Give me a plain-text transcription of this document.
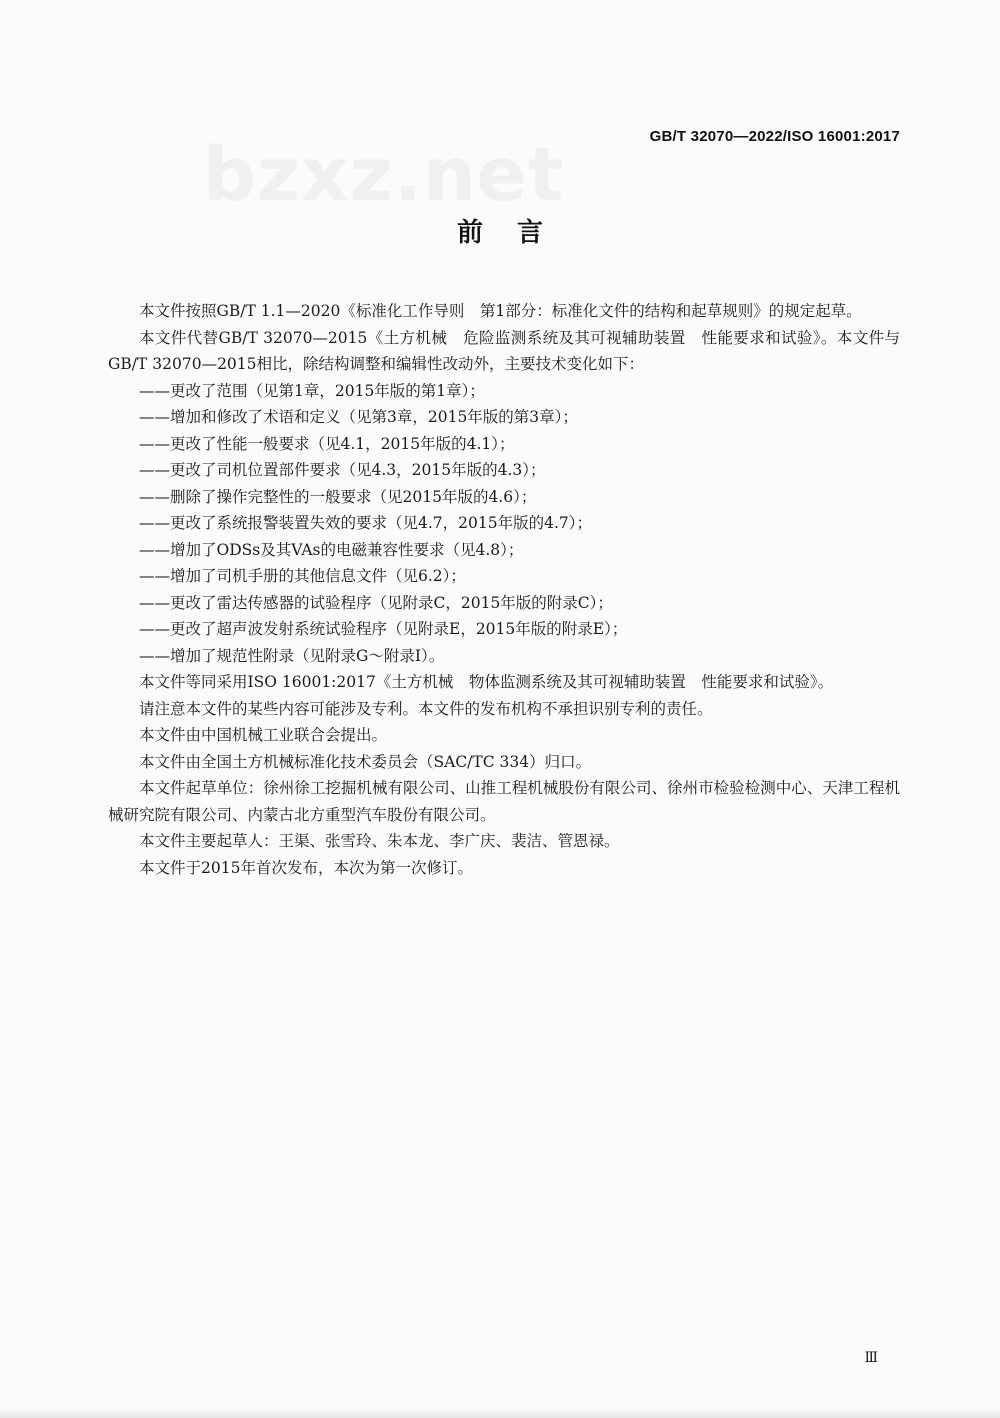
bzxz.net	GB/T 32070—2022/ISO 16001:2017
前言

本文件按照GB/T 1.1—2020《标准化工作导则　第1部分：标准化文件的结构和起草规则》的规定起草。

本文件代替GB/T 32070—2015《土方机械　危险监测系统及其可视辅助装置　性能要求和试验》。本文件与GB/T 32070—2015相比，除结构调整和编辑性改动外，主要技术变化如下：

——更改了范围（见第1章，2015年版的第1章）；

——增加和修改了术语和定义（见第3章，2015年版的第3章）；

——更改了性能一般要求（见4.1，2015年版的4.1）；

——更改了司机位置部件要求（见4.3，2015年版的4.3）；

——删除了操作完整性的一般要求（见2015年版的4.6）；

——更改了系统报警装置失效的要求（见4.7，2015年版的4.7）；

——增加了ODSs及其VAs的电磁兼容性要求（见4.8）；

——增加了司机手册的其他信息文件（见6.2）；

——更改了雷达传感器的试验程序（见附录C，2015年版的附录C）；

——更改了超声波发射系统试验程序（见附录E，2015年版的附录E）；

——增加了规范性附录（见附录G～附录I）。

本文件等同采用ISO 16001:2017《土方机械　物体监测系统及其可视辅助装置　性能要求和试验》。

请注意本文件的某些内容可能涉及专利。本文件的发布机构不承担识别专利的责任。

本文件由中国机械工业联合会提出。

本文件由全国土方机械标准化技术委员会（SAC/TC 334）归口。

本文件起草单位：徐州徐工挖掘机械有限公司、山推工程机械股份有限公司、徐州市检验检测中心、天津工程机械研究院有限公司、内蒙古北方重型汽车股份有限公司。

本文件主要起草人：王渠、张雪玲、朱本龙、李广庆、裴洁、管恩禄。

本文件于2015年首次发布，本次为第一次修订。

Ⅲ
